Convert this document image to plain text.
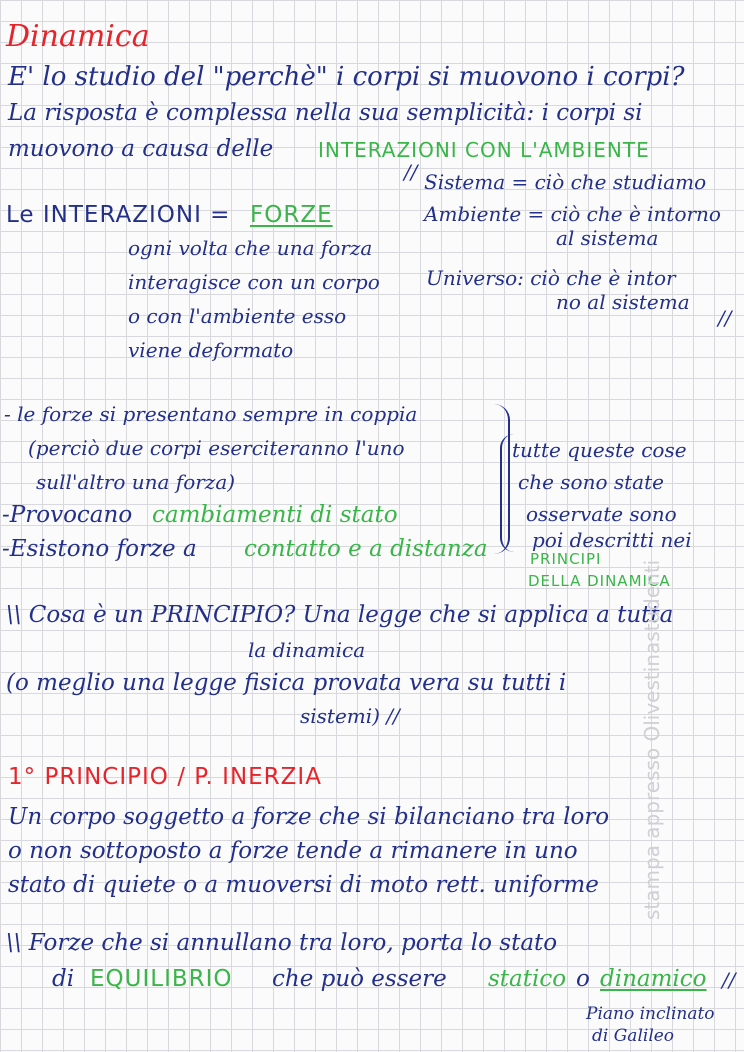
Dinamica
E' lo studio del "perchè" i corpi si muovono i corpi?
La risposta è complessa nella sua semplicità: i corpi si
muovono a causa delle INTERAZIONI CON L'AMBIENTE
// Sistema = ciò che studiamo
Ambiente = ciò che è intorno
al sistema
Universo: ciò che è intor
no al sistema
//
Le INTERAZIONI = FORZE
ogni volta che una forza
interagisce con un corpo
o con l'ambiente esso
viene deformato
- le forze si presentano sempre in coppia
(perciò due corpi eserciteranno l'uno
sull'altro una forza)
-Provocano cambiamenti di stato
-Esistono forze a contatto e a distanza
tutte queste cose
che sono state
osservate sono
poi descritti nei
PRINCIPI
DELLA DINAMICA
\\ Cosa è un PRINCIPIO? Una legge che si applica a tutta
la dinamica
(o meglio una legge fisica provata vera su tutti i
sistemi) //
1° PRINCIPIO / P. INERZIA
Un corpo soggetto a forze che si bilanciano tra loro
o non sottoposto a forze tende a rimanere in uno
stato di quiete o a muoversi di moto rett. uniforme
\\ Forze che si annullano tra loro, porta lo stato
di EQUILIBRIO che può essere statico o dinamico //
Piano inclinato
di Galileo
stampa appresso Olivestinastudenti
